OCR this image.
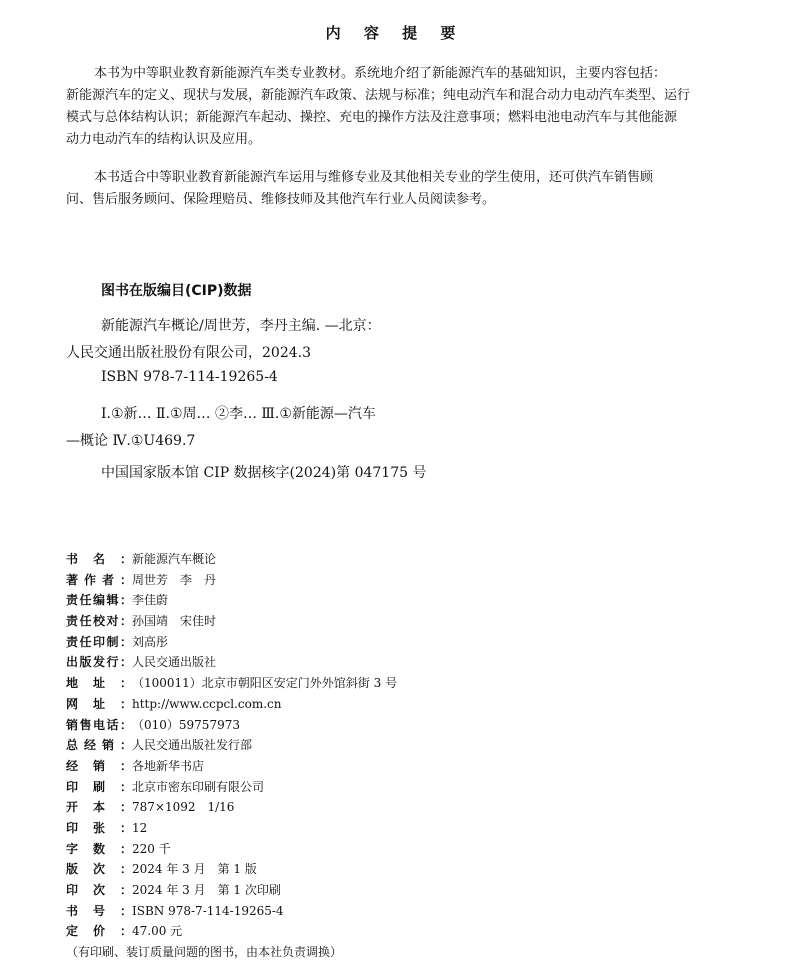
内 容 提 要
本书为中等职业教育新能源汽车类专业教材。系统地介绍了新能源汽车的基础知识，主要内容包括：
新能源汽车的定义、现状与发展，新能源汽车政策、法规与标准；纯电动汽车和混合动力电动汽车类型、运行
模式与总体结构认识；新能源汽车起动、操控、充电的操作方法及注意事项；燃料电池电动汽车与其他能源
动力电动汽车的结构认识及应用。
本书适合中等职业教育新能源汽车运用与维修专业及其他相关专业的学生使用，还可供汽车销售顾
问、售后服务顾问、保险理赔员、维修技师及其他汽车行业人员阅读参考。
图书在版编目(CIP)数据
新能源汽车概论/周世芳，李丹主编. —北京：
人民交通出版社股份有限公司，2024.3
ISBN 978-7-114-19265-4
Ⅰ.①新… Ⅱ.①周… ②李… Ⅲ.①新能源—汽车
—概论 Ⅳ.①U469.7
中国国家版本馆 CIP 数据核字(2024)第 047175 号
书 名 ： 新能源汽车概论
著 作 者 ： 周世芳　李　丹
责 任 编 辑 ： 李佳蔚
责 任 校 对 ： 孙国靖　宋佳时
责 任 印 制 ： 刘高彤
出 版 发 行 ： 人民交通出版社
地 址 ： （100011）北京市朝阳区安定门外外馆斜街 3 号
网 址 ： http://www.ccpcl.com.cn
销 售 电 话 ： （010）59757973
总 经 销 ： 人民交通出版社发行部
经 销 ： 各地新华书店
印 刷 ： 北京市密东印刷有限公司
开 本 ： 787×1092　1/16
印 张 ： 12
字 数 ： 220 千
版 次 ： 2024 年 3 月　第 1 版
印 次 ： 2024 年 3 月　第 1 次印刷
书 号 ： ISBN 978-7-114-19265-4
定 价 ： 47.00 元
（有印刷、装订质量问题的图书，由本社负责调换）
